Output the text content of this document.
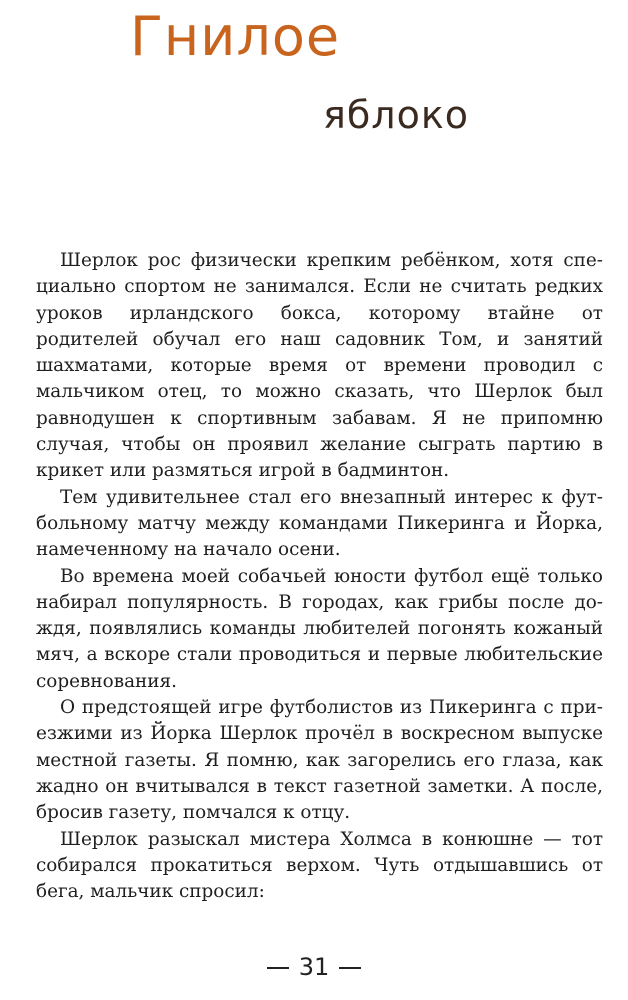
Гнилое
яблоко

Шерлок рос физически крепким ребёнком, хотя специально спортом не занимался. Если не считать редких уроков ирландского бокса, которому втайне от родителей обучал его наш садовник Том, и занятий шахматами, которые время от времени проводил с мальчиком отец, то можно сказать, что Шерлок был равнодушен к спортивным забавам. Я не припомню случая, чтобы он проявил желание сыграть партию в крикет или размяться игрой в бадминтон.

Тем удивительнее стал его внезапный интерес к футбольному матчу между командами Пикеринга и Йорка, намеченному на начало осени.

Во времена моей собачьей юности футбол ещё только набирал популярность. В городах, как грибы после дождя, появлялись команды любителей погонять кожаный мяч, а вскоре стали проводиться и первые любительские соревнования.

О предстоящей игре футболистов из Пикеринга с приезжими из Йорка Шерлок прочёл в воскресном выпуске местной газеты. Я помню, как загорелись его глаза, как жадно он вчитывался в текст газетной заметки. А после, бросив газету, помчался к отцу.

Шерлок разыскал мистера Холмса в конюшне — тот собирался прокатиться верхом. Чуть отдышавшись от бега, мальчик спросил:

31
